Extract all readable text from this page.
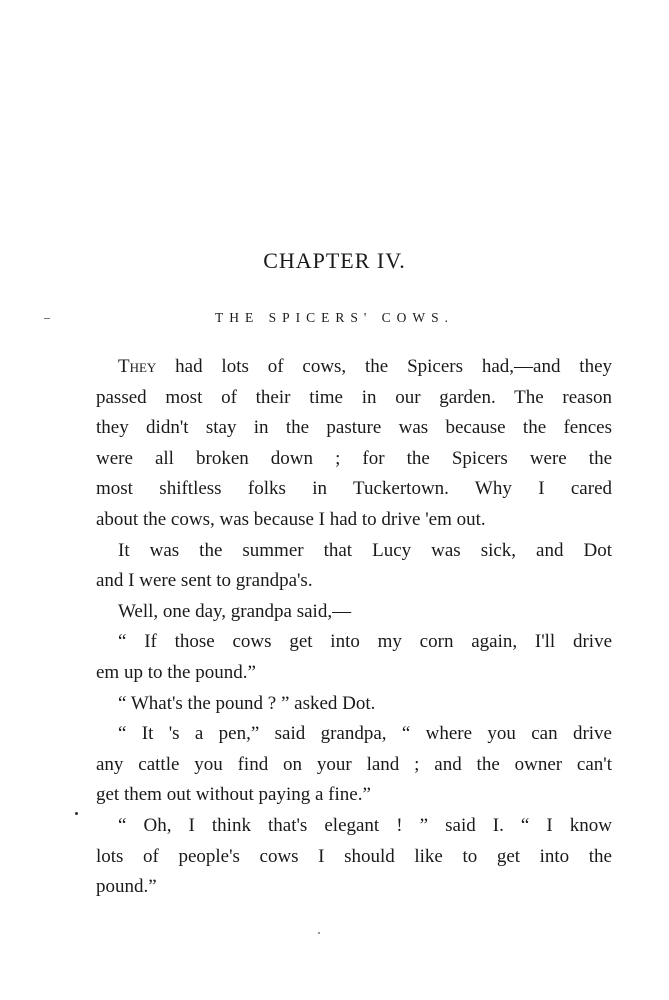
CHAPTER IV.
THE SPICERS' COWS.
They had lots of cows, the Spicers had,—and they
passed most of their time in our garden. The reason
they didn't stay in the pasture was because the fences
were all broken down ; for the Spicers were the
most shiftless folks in Tuckertown. Why I cared
about the cows, was because I had to drive 'em out.
It was the summer that Lucy was sick, and Dot
and I were sent to grandpa's.
Well, one day, grandpa said,—
“ If those cows get into my corn again, I'll drive
em up to the pound.”
“ What's the pound ? ” asked Dot.
“ It 's a pen,” said grandpa, “ where you can drive
any cattle you find on your land ; and the owner can't
get them out without paying a fine.”
“ Oh, I think that's elegant ! ” said I. “ I know
lots of people's cows I should like to get into the
pound.”
